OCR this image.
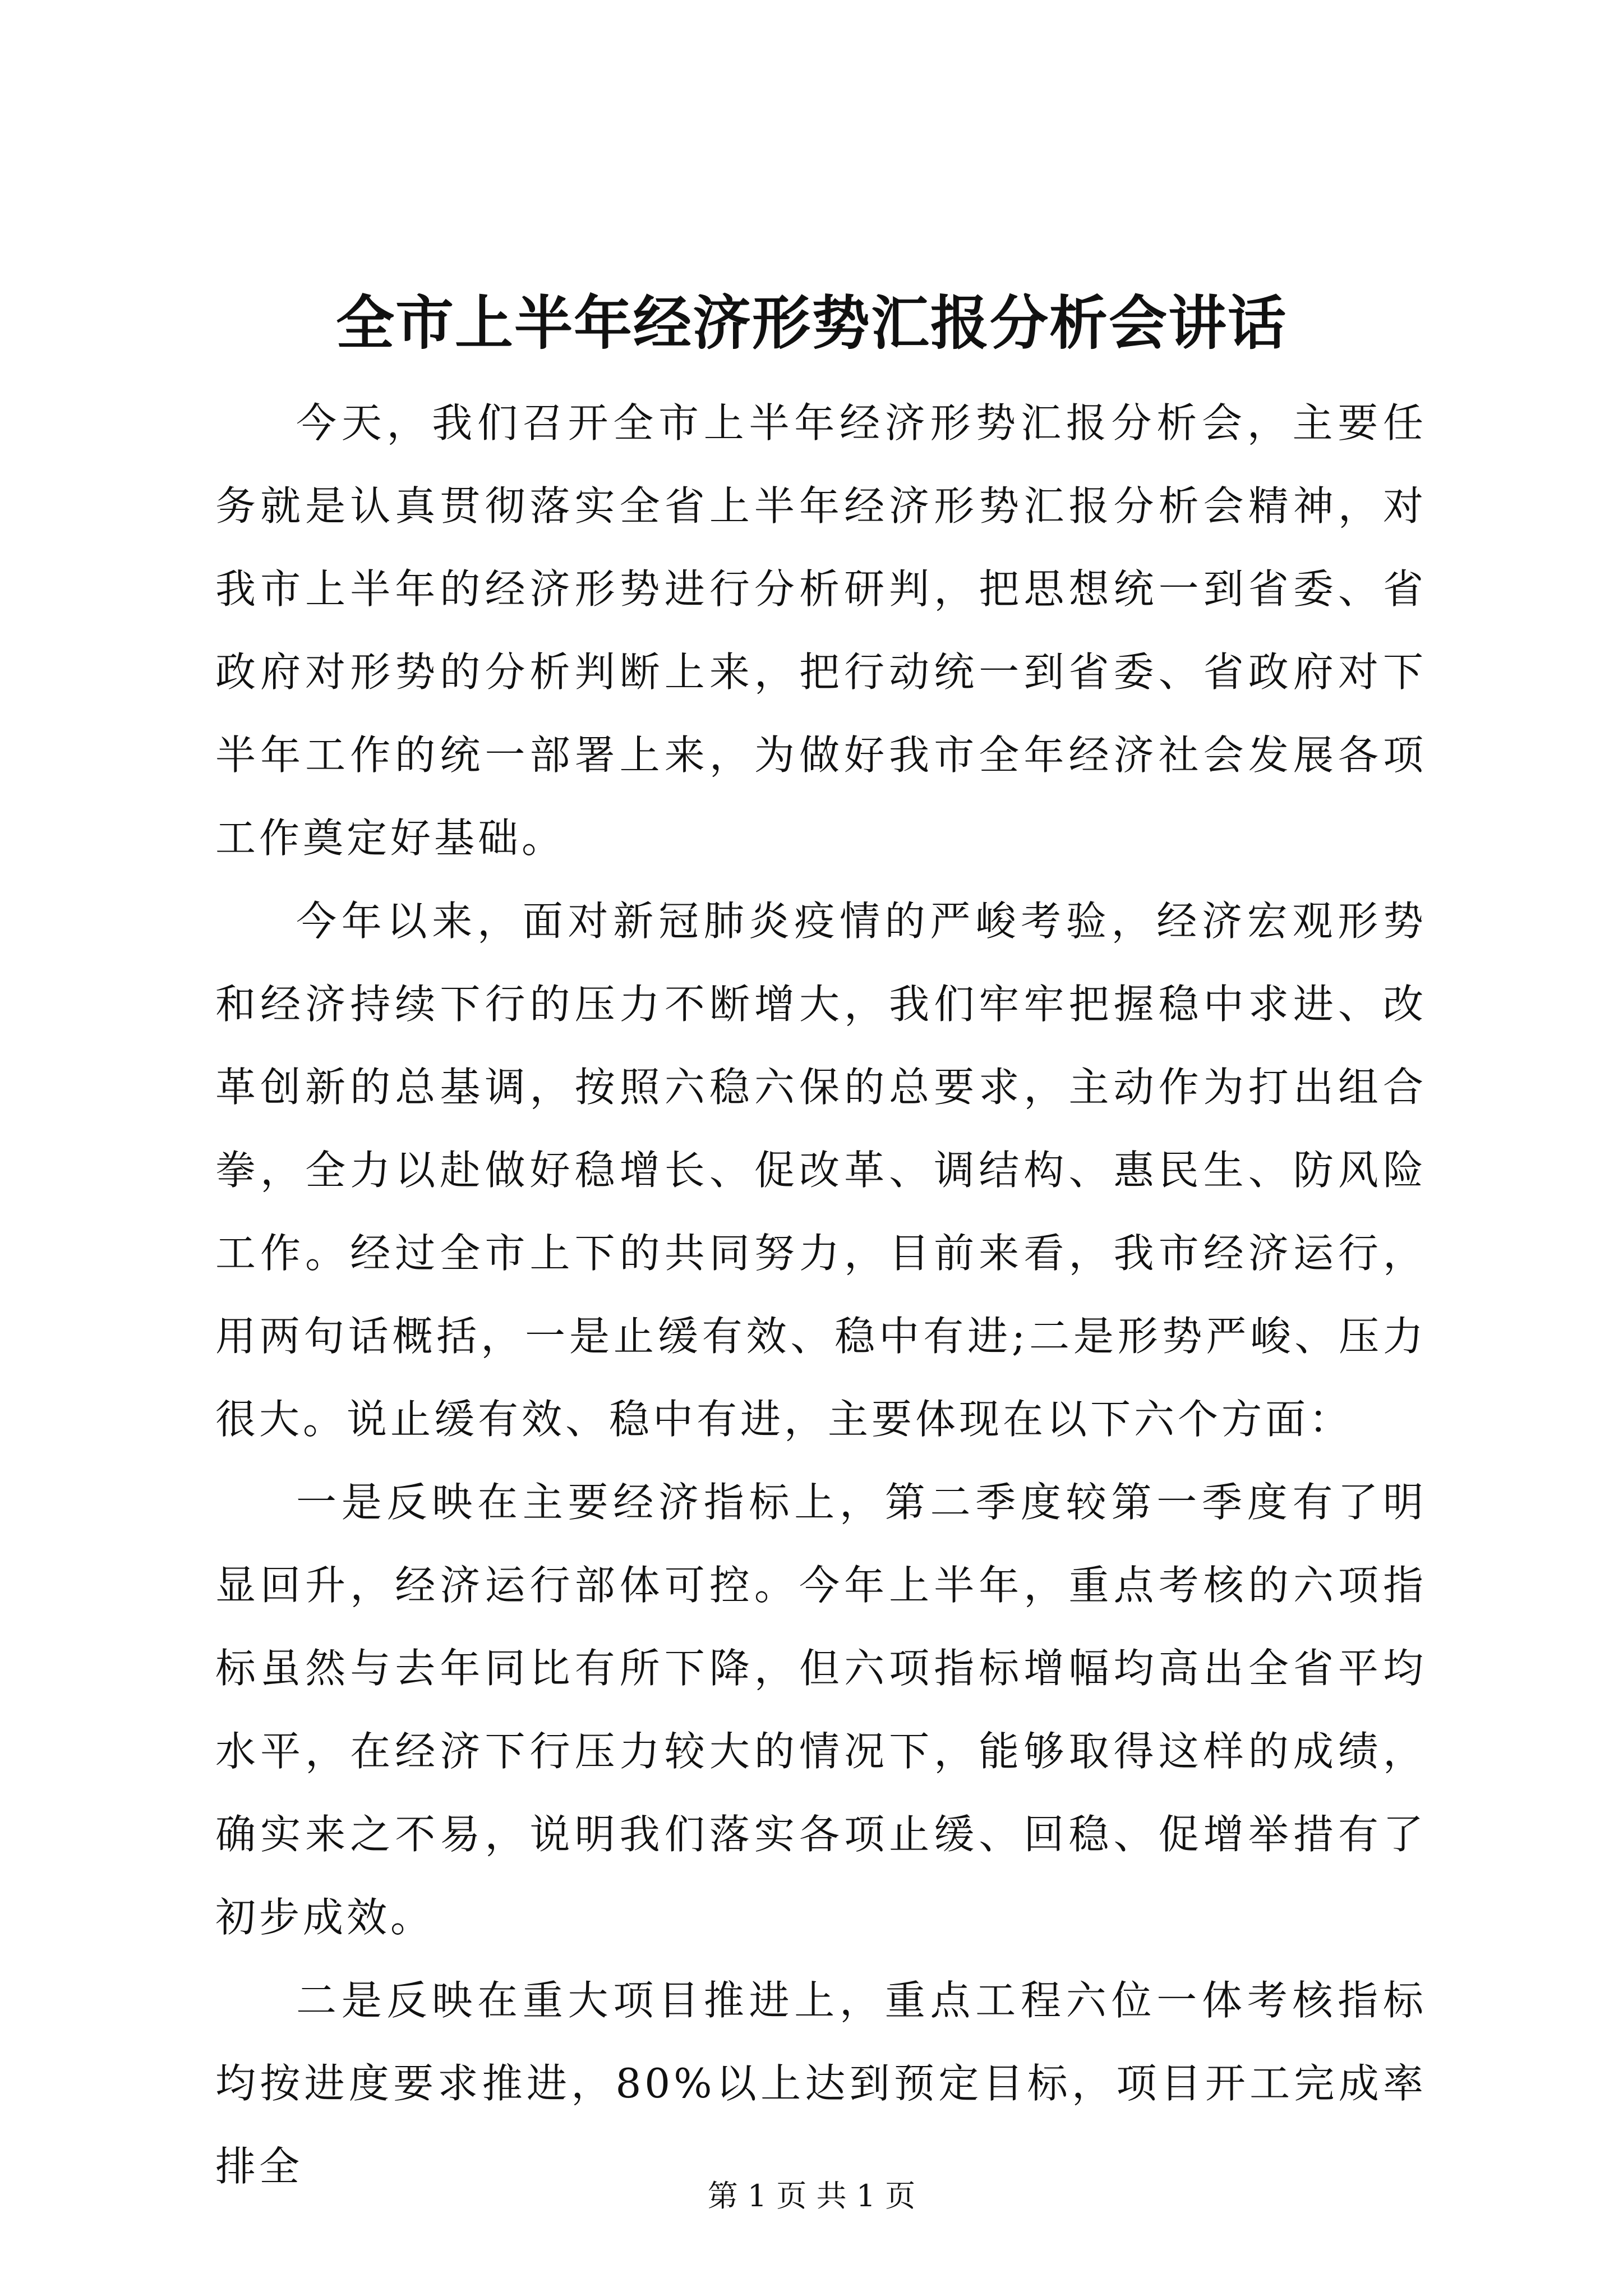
全市上半年经济形势汇报分析会讲话

今天，我们召开全市上半年经济形势汇报分析会，主要任务就是认真贯彻落实全省上半年经济形势汇报分析会精神，对我市上半年的经济形势进行分析研判，把思想统一到省委、省政府对形势的分析判断上来，把行动统一到省委、省政府对下半年工作的统一部署上来，为做好我市全年经济社会发展各项工作奠定好基础。

今年以来，面对新冠肺炎疫情的严峻考验，经济宏观形势和经济持续下行的压力不断增大，我们牢牢把握稳中求进、改革创新的总基调，按照六稳六保的总要求，主动作为打出组合拳，全力以赴做好稳增长、促改革、调结构、惠民生、防风险工作。经过全市上下的共同努力，目前来看，我市经济运行，用两句话概括，一是止缓有效、稳中有进;二是形势严峻、压力很大。说止缓有效、稳中有进，主要体现在以下六个方面：

一是反映在主要经济指标上，第二季度较第一季度有了明显回升，经济运行部体可控。今年上半年，重点考核的六项指标虽然与去年同比有所下降，但六项指标增幅均高出全省平均水平，在经济下行压力较大的情况下，能够取得这样的成绩，确实来之不易，说明我们落实各项止缓、回稳、促增举措有了初步成效。

二是反映在重大项目推进上，重点工程六位一体考核指标均按进度要求推进，80%以上达到预定目标，项目开工完成率排全

第 1 页 共 1 页
